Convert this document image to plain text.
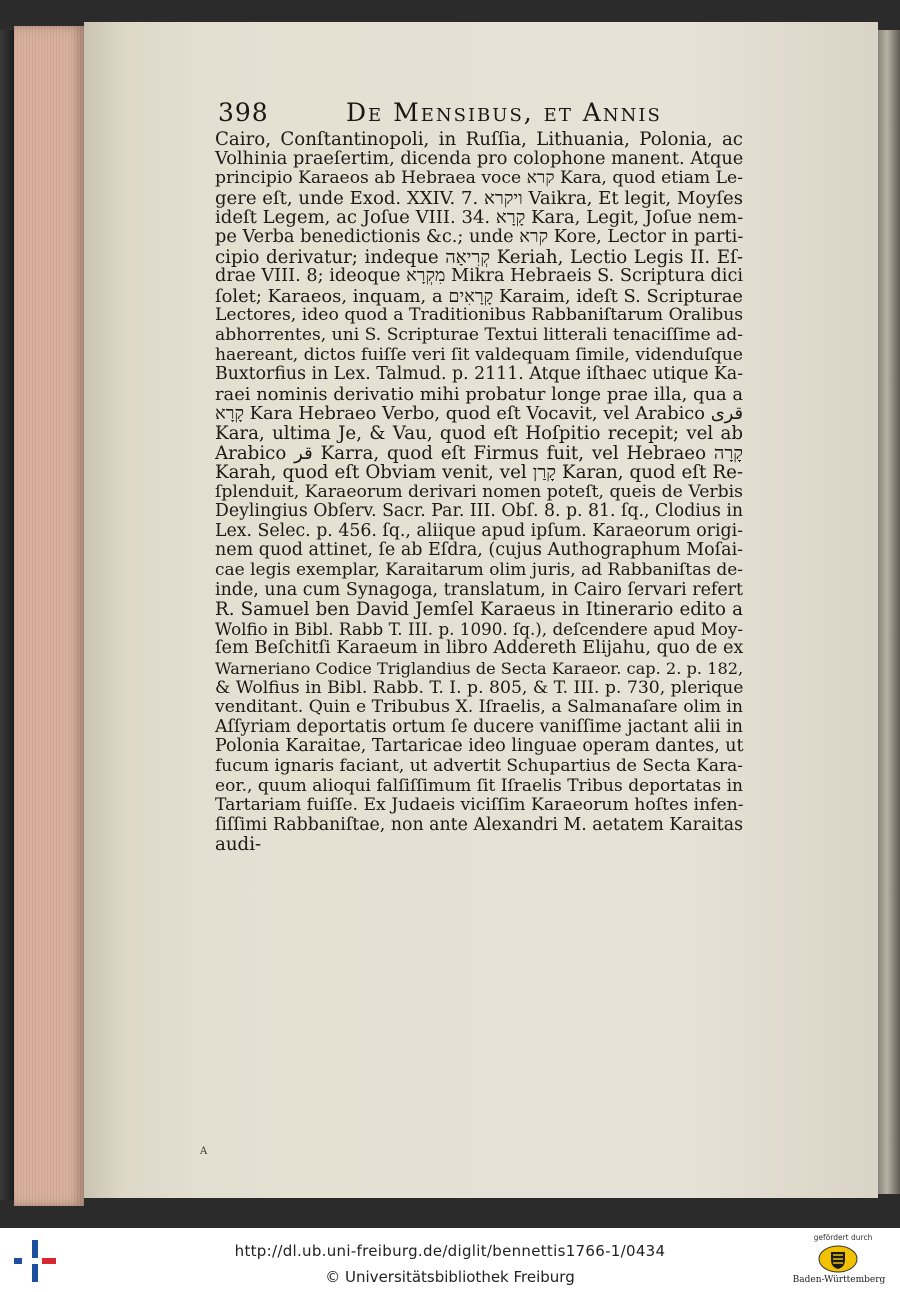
398	De Mensibus, et Annis
Cairo, Conſtantinopoli, in Ruſſia, Lithuania, Polonia, ac
Volhinia praeſertim, dicenda pro colophone manent. Atque
principio Karaeos ab Hebraea voce קרא Kara, quod etiam Le-
gere eſt, unde Exod. XXIV. 7. ויקרא Vaikra, Et legit, Moyſes
ideſt Legem, ac Joſue VIII. 34. קָרָא Kara, Legit, Joſue nem-
pe Verba benedictionis &c.; unde קרא Kore, Lector in parti-
cipio derivatur; indeque קְרִיאָה Keriah, Lectio Legis II. Eſ-
drae VIII. 8; ideoque מִקְרָא Mikra Hebraeis S. Scriptura dici
ſolet; Karaeos, inquam, a קָרָאִים Karaim, ideſt S. Scripturae
Lectores, ideo quod a Traditionibus Rabbaniſtarum Oralibus
abhorrentes, uni S. Scripturae Textui litterali tenaciſſime ad-
haereant, dictos fuiſſe veri ſit valdequam ſimile, videnduſque
Buxtorfius in Lex. Talmud. p. 2111. Atque iſthaec utique Ka-
raei nominis derivatio mihi probatur longe prae illa, qua a
קָרָא Kara Hebraeo Verbo, quod eſt Vocavit, vel Arabico قرى
Kara, ultima Je, & Vau, quod eſt Hoſpitio recepit; vel ab
Arabico قر Karra, quod eſt Firmus fuit, vel Hebraeo קָרָה
Karah, quod eſt Obviam venit, vel קָרַן Karan, quod eſt Re-
ſplenduit, Karaeorum derivari nomen poteſt, queis de Verbis
Deylingius Obſerv. Sacr. Par. III. Obſ. 8. p. 81. ſq., Clodius in
Lex. Selec. p. 456. ſq., aliique apud ipſum. Karaeorum origi-
nem quod attinet, ſe ab Eſdra, (cujus Authographum Moſai-
cae legis exemplar, Karaitarum olim juris, ad Rabbaniſtas de-
inde, una cum Synagoga, translatum, in Cairo ſervari refert
R. Samuel ben David Jemſel Karaeus in Itinerario edito a
Wolfio in Bibl. Rabb T. III. p. 1090. ſq.), deſcendere apud Moy-
ſem Beſchitſi Karaeum in libro Addereth Elijahu, quo de ex
Warneriano Codice Triglandius de Secta Karaeor. cap. 2. p. 182,
& Wolfius in Bibl. Rabb. T. I. p. 805, & T. III. p. 730, plerique
venditant. Quin e Tribubus X. Iſraelis, a Salmanaſare olim in
Aſſyriam deportatis ortum ſe ducere vaniſſime jactant alii in
Polonia Karaitae, Tartaricae ideo linguae operam dantes, ut
fucum ignaris faciant, ut advertit Schupartius de Secta Kara-
eor., quum alioqui falſiſſimum ſit Iſraelis Tribus deportatas in
Tartariam fuiſſe. Ex Judaeis viciſſim Karaeorum hoſtes infen-
ſiſſimi Rabbaniſtae, non ante Alexandri M. aetatem Karaitas
audi-
A
http://dl.ub.uni-freiburg.de/diglit/bennettis1766-1/0434
© Universitätsbibliothek Freiburg
gefördert durch
Baden-Württemberg
